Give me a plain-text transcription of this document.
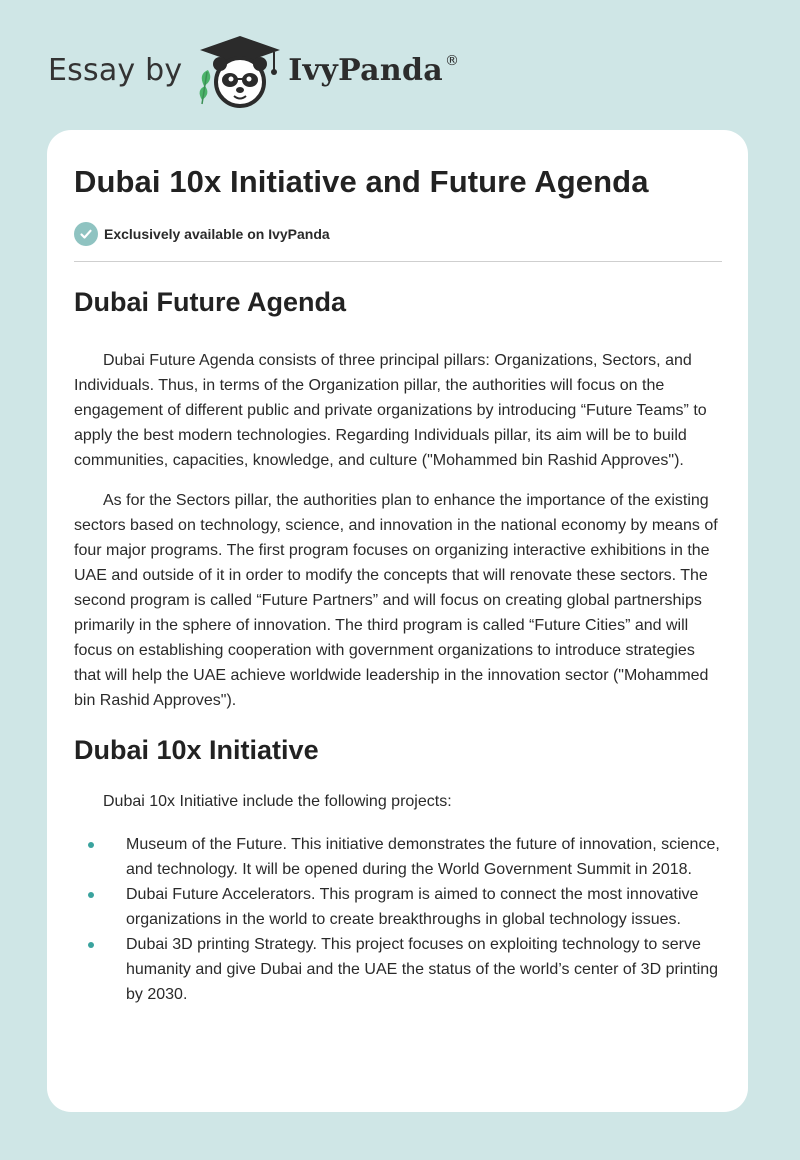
Essay by	IvyPanda ®
Dubai 10x Initiative and Future Agenda
Exclusively available on IvyPanda
Dubai Future Agenda

Dubai Future Agenda consists of three principal pillars: Organizations, Sectors, and Individuals. Thus, in terms of the Organization pillar, the authorities will focus on the engagement of different public and private organizations by introducing “Future Teams” to apply the best modern technologies. Regarding Individuals pillar, its aim will be to build communities, capacities, knowledge, and culture ("Mohammed bin Rashid Approves").

As for the Sectors pillar, the authorities plan to enhance the importance of the existing sectors based on technology, science, and innovation in the national economy by means of four major programs. The first program focuses on organizing interactive exhibitions in the UAE and outside of it in order to modify the concepts that will renovate these sectors. The second program is called “Future Partners” and will focus on creating global partnerships primarily in the sphere of innovation. The third program is called “Future Cities” and will focus on establishing cooperation with government organizations to introduce strategies that will help the UAE achieve worldwide leadership in the innovation sector ("Mohammed bin Rashid Approves").

Dubai 10x Initiative

Dubai 10x Initiative include the following projects:

Museum of the Future. This initiative demonstrates the future of innovation, science, and technology. It will be opened during the World Government Summit in 2018.
Dubai Future Accelerators. This program is aimed to connect the most innovative organizations in the world to create breakthroughs in global technology issues.
Dubai 3D printing Strategy. This project focuses on exploiting technology to serve humanity and give Dubai and the UAE the status of the world’s center of 3D printing by 2030.
